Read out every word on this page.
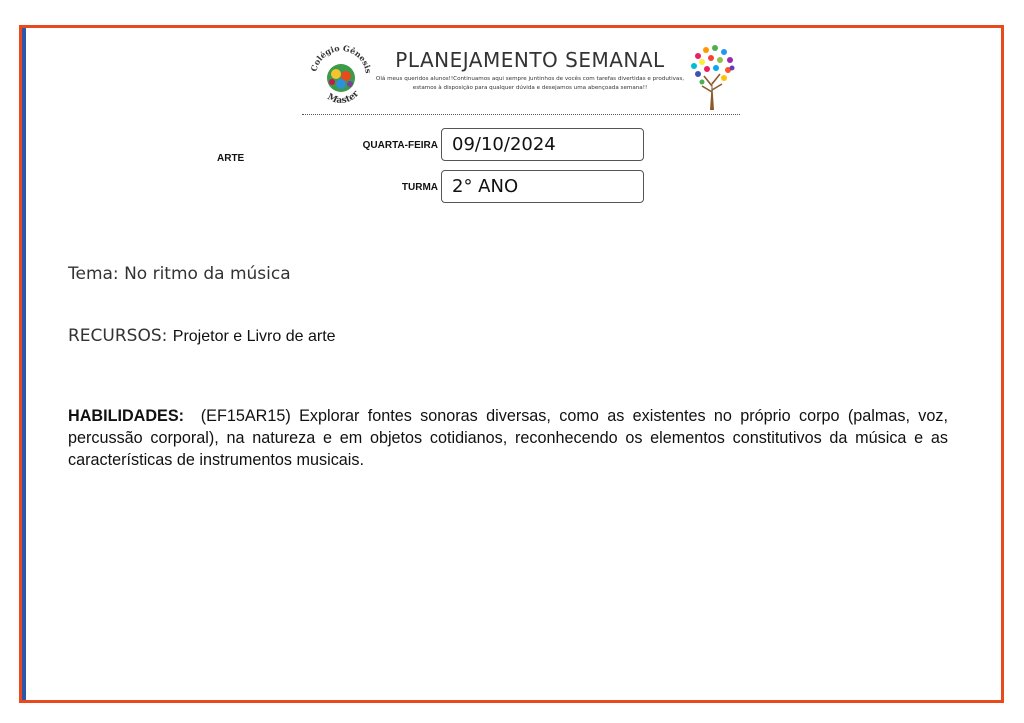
Colégio Gênesis
Master
PLANEJAMENTO SEMANAL
Olá meus queridos alunos!!Continuamos aqui sempre juntinhos de vocês com tarefas divertidas e produtivas, estamos à disposição para qualquer dúvida e desejamos uma abençoada semana!!
ARTE
QUARTA-FEIRA 09/10/2024
TURMA 2° ANO
Tema: No ritmo da música
RECURSOS: Projetor e Livro de arte
HABILIDADES: (EF15AR15) Explorar fontes sonoras diversas, como as existentes no próprio corpo (palmas, voz, percussão corporal), na natureza e em objetos cotidianos, reconhecendo os elementos constitutivos da música e as características de instrumentos musicais.
